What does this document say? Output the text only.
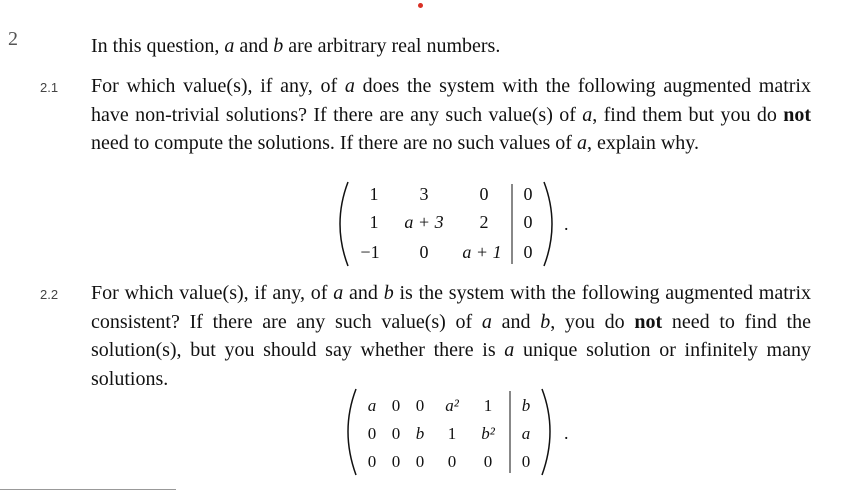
2	In this question, a and b are arbitrary real numbers.
2.1 For which value(s), if any, of a does the system with the following augmented matrix have non-trivial solutions? If there are any such value(s) of a, find them but you do not need to compute the solutions. If there are no such values of a, explain why.
1 3	0 0
1 a + 3 2 0
−1 0 a + 1 0
.
2.2 For which value(s), if any, of a and b is the system with the following augmented matrix consistent? If there are any such value(s) of a and b, you do not need to find the solution(s), but you should say whether there is a unique solution or infinitely many solutions.
a 0 0 a² 1 b
0 0 b 1 b² a
0 0 0 0 0 0
.
